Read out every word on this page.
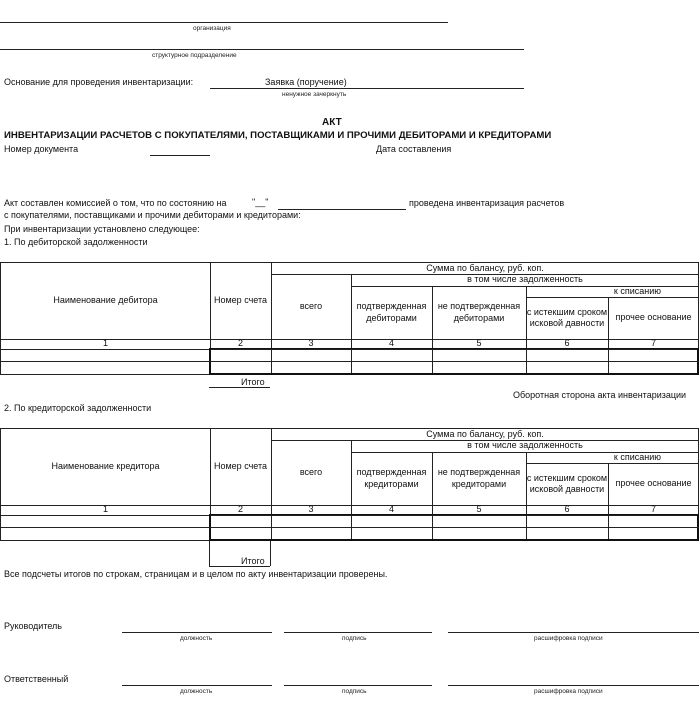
организация
структурное подразделение
Основание для проведения инвентаризации:	Заявка (поручение)
ненужное зачеркнуть
АКТ
ИНВЕНТАРИЗАЦИИ РАСЧЕТОВ С ПОКУПАТЕЛЯМИ, ПОСТАВЩИКАМИ И ПРОЧИМИ ДЕБИТОРАМИ И КРЕДИТОРАМИ
Номер документа	Дата составления
Акт составлен комиссией о том, что по состоянию на	"__"	проведена инвентаризация расчетов
с покупателями, поставщиками и прочими дебиторами и кредиторами:
При инвентаризации установлено следующее:
1. По дебиторской задолженности
Наименование дебитора	Номер счета
Сумма по балансу, руб. коп.
всего
в том числе задолженность
подтвержденная дебиторами
не подтвержденная дебиторами
к списанию
с истекшим сроком исковой давности
прочее основание
1	2	3	4	5	6	7
Итого
Оборотная сторона акта инвентаризации
2. По кредиторской задолженности
Наименование кредитора	Номер счета
Сумма по балансу, руб. коп.
всего
в том числе задолженность
подтвержденная кредиторами
не подтвержденная кредиторами
к списанию
с истекшим сроком исковой давности
прочее основание
1	2	3	4	5	6	7
Итого
Все подсчеты итогов по строкам, страницам и в целом по акту инвентаризации проверены.
Руководитель
должность	подпись	расшифровка подписи
Ответственный
должность	подпись	расшифровка подписи
